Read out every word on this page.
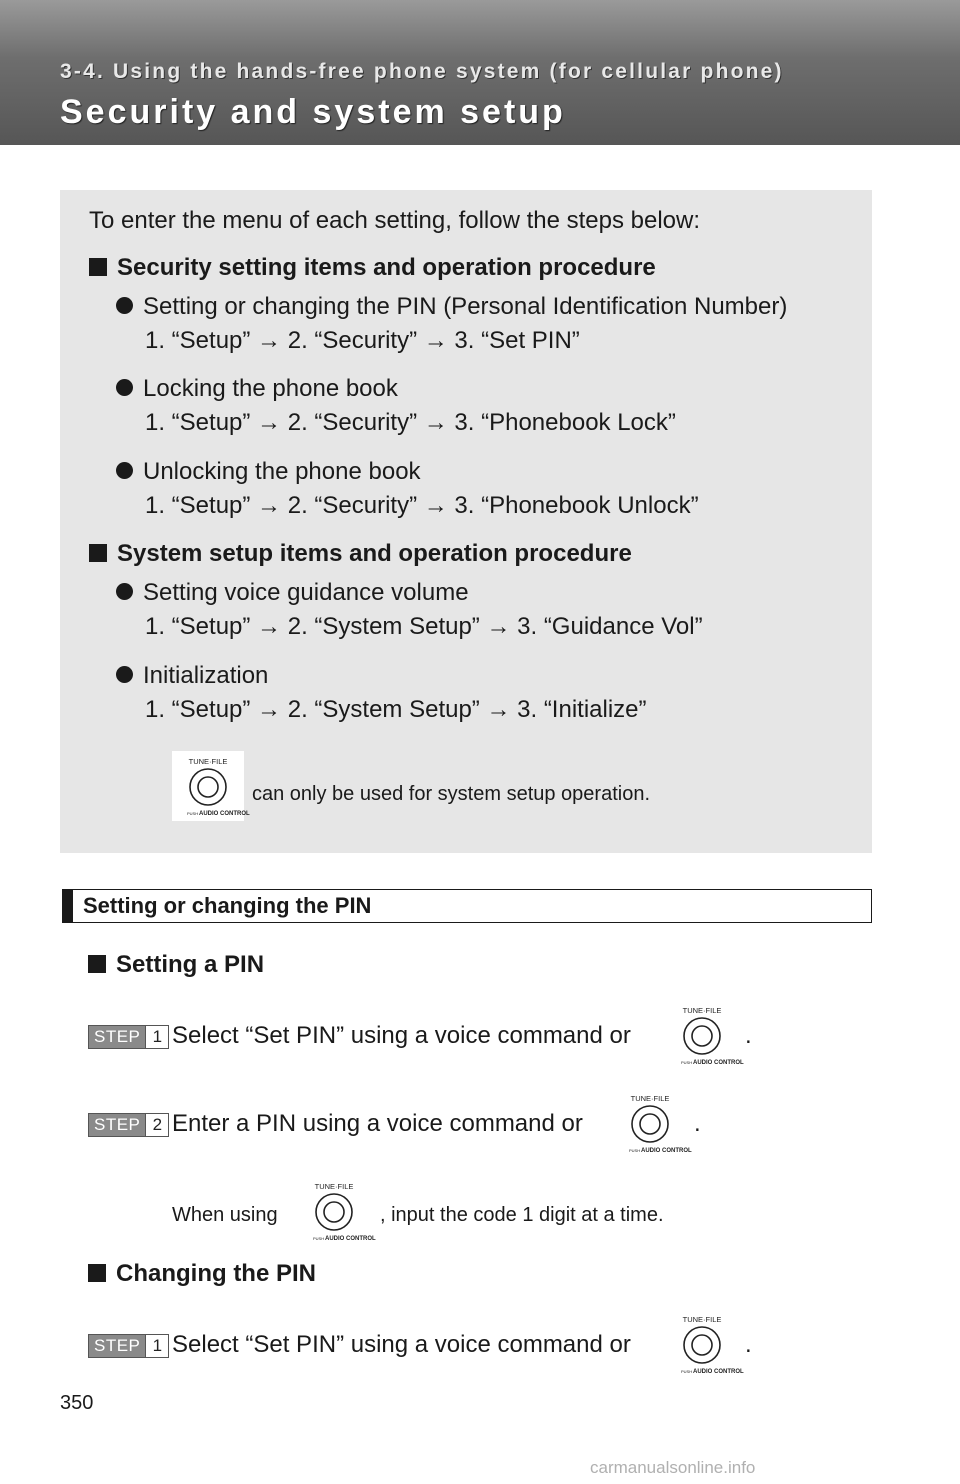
3-4. Using the hands-free phone system (for cellular phone)
Security and system setup
To enter the menu of each setting, follow the steps below:
Security setting items and operation procedure
Setting or changing the PIN (Personal Identification Number)
1. “Setup” → 2. “Security” → 3. “Set PIN”
Locking the phone book
1. “Setup” → 2. “Security” → 3. “Phonebook Lock”
Unlocking the phone book
1. “Setup” → 2. “Security” → 3. “Phonebook Unlock”
System setup items and operation procedure
Setting voice guidance volume
1. “Setup” → 2. “System Setup” → 3. “Guidance Vol”
Initialization
1. “Setup” → 2. “System Setup” → 3. “Initialize”
TUNE·FILE
PUSH AUDIO CONTROL
can only be used for system setup operation.
Setting or changing the PIN
Setting a PIN
STEP 1 Select “Set PIN” using a voice command or
TUNE·FILE
PUSH AUDIO CONTROL
.
STEP 2 Enter a PIN using a voice command or
TUNE·FILE
PUSH AUDIO CONTROL
.
When using
TUNE·FILE
PUSH AUDIO CONTROL
, input the code 1 digit at a time.
Changing the PIN
STEP 1 Select “Set PIN” using a voice command or
TUNE·FILE
PUSH AUDIO CONTROL
.
350
carmanualsonline.info
